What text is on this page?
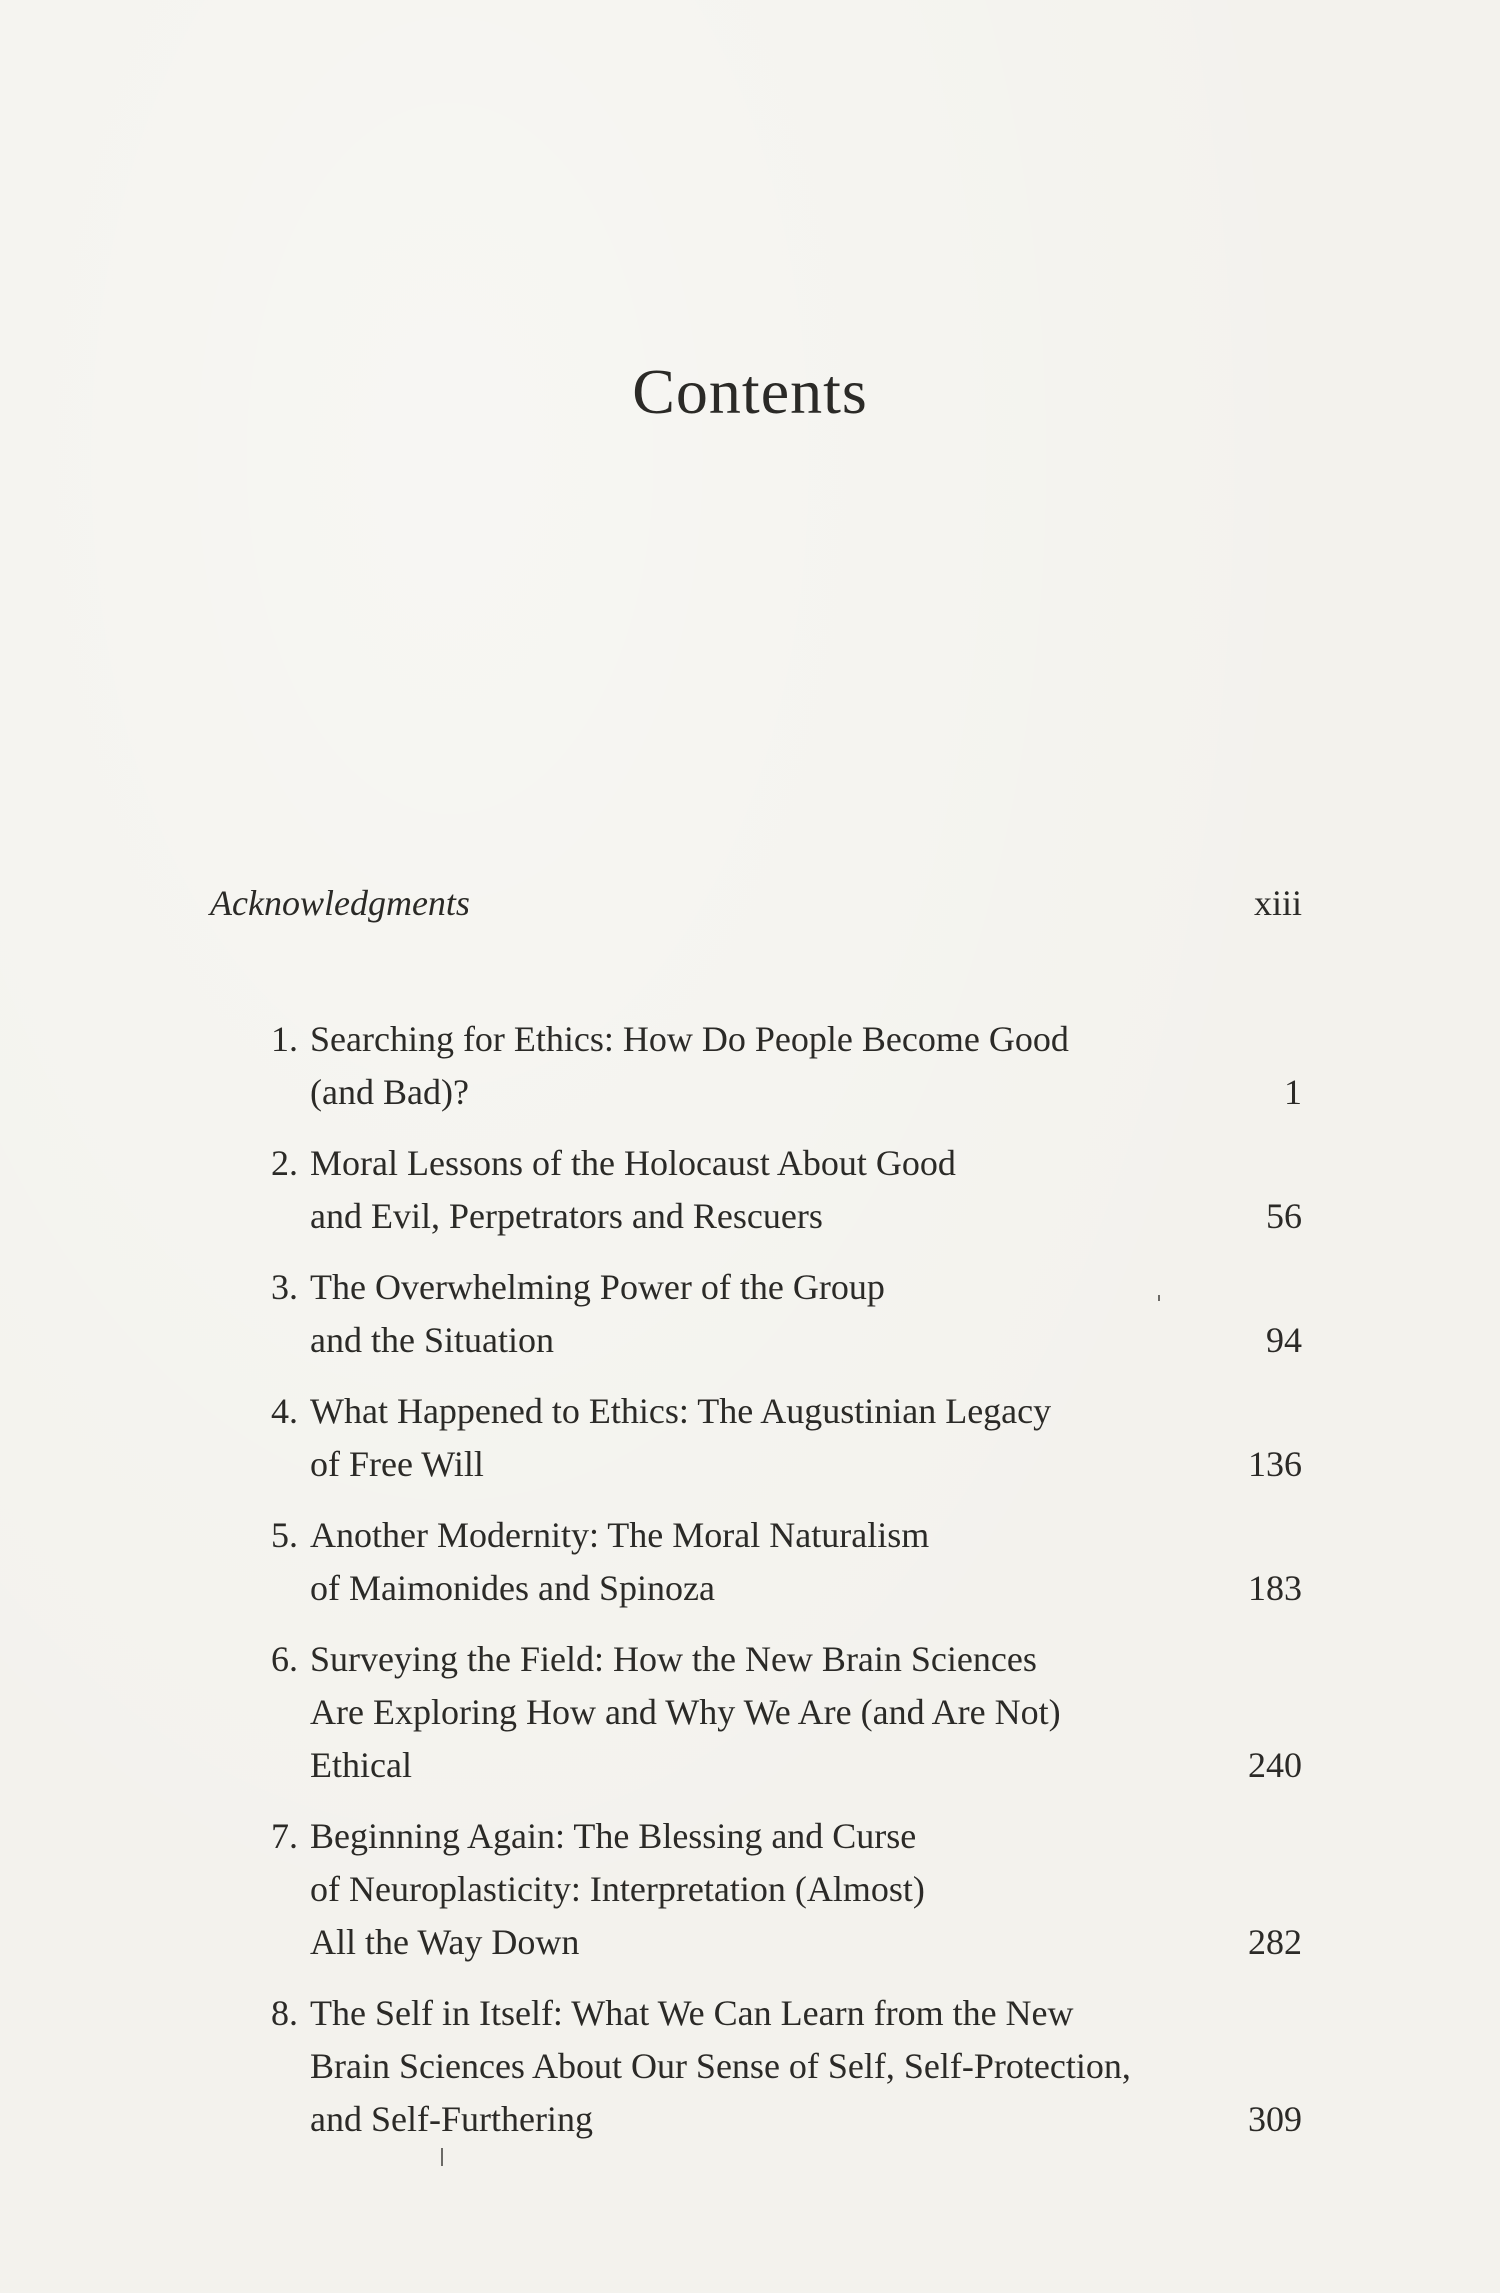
Contents
Acknowledgments	xiii
1. Searching for Ethics: How Do People Become Good
(and Bad)?	1
2. Moral Lessons of the Holocaust About Good
and Evil, Perpetrators and Rescuers	56
3. The Overwhelming Power of the Group
and the Situation	94
4. What Happened to Ethics: The Augustinian Legacy
of Free Will	136
5. Another Modernity: The Moral Naturalism
of Maimonides and Spinoza	183
6. Surveying the Field: How the New Brain Sciences
Are Exploring How and Why We Are (and Are Not)
Ethical	240
7. Beginning Again: The Blessing and Curse
of Neuroplasticity: Interpretation (Almost)
All the Way Down	282
8. The Self in Itself: What We Can Learn from the New
Brain Sciences About Our Sense of Self, Self-Protection,
and Self-Furthering	309
